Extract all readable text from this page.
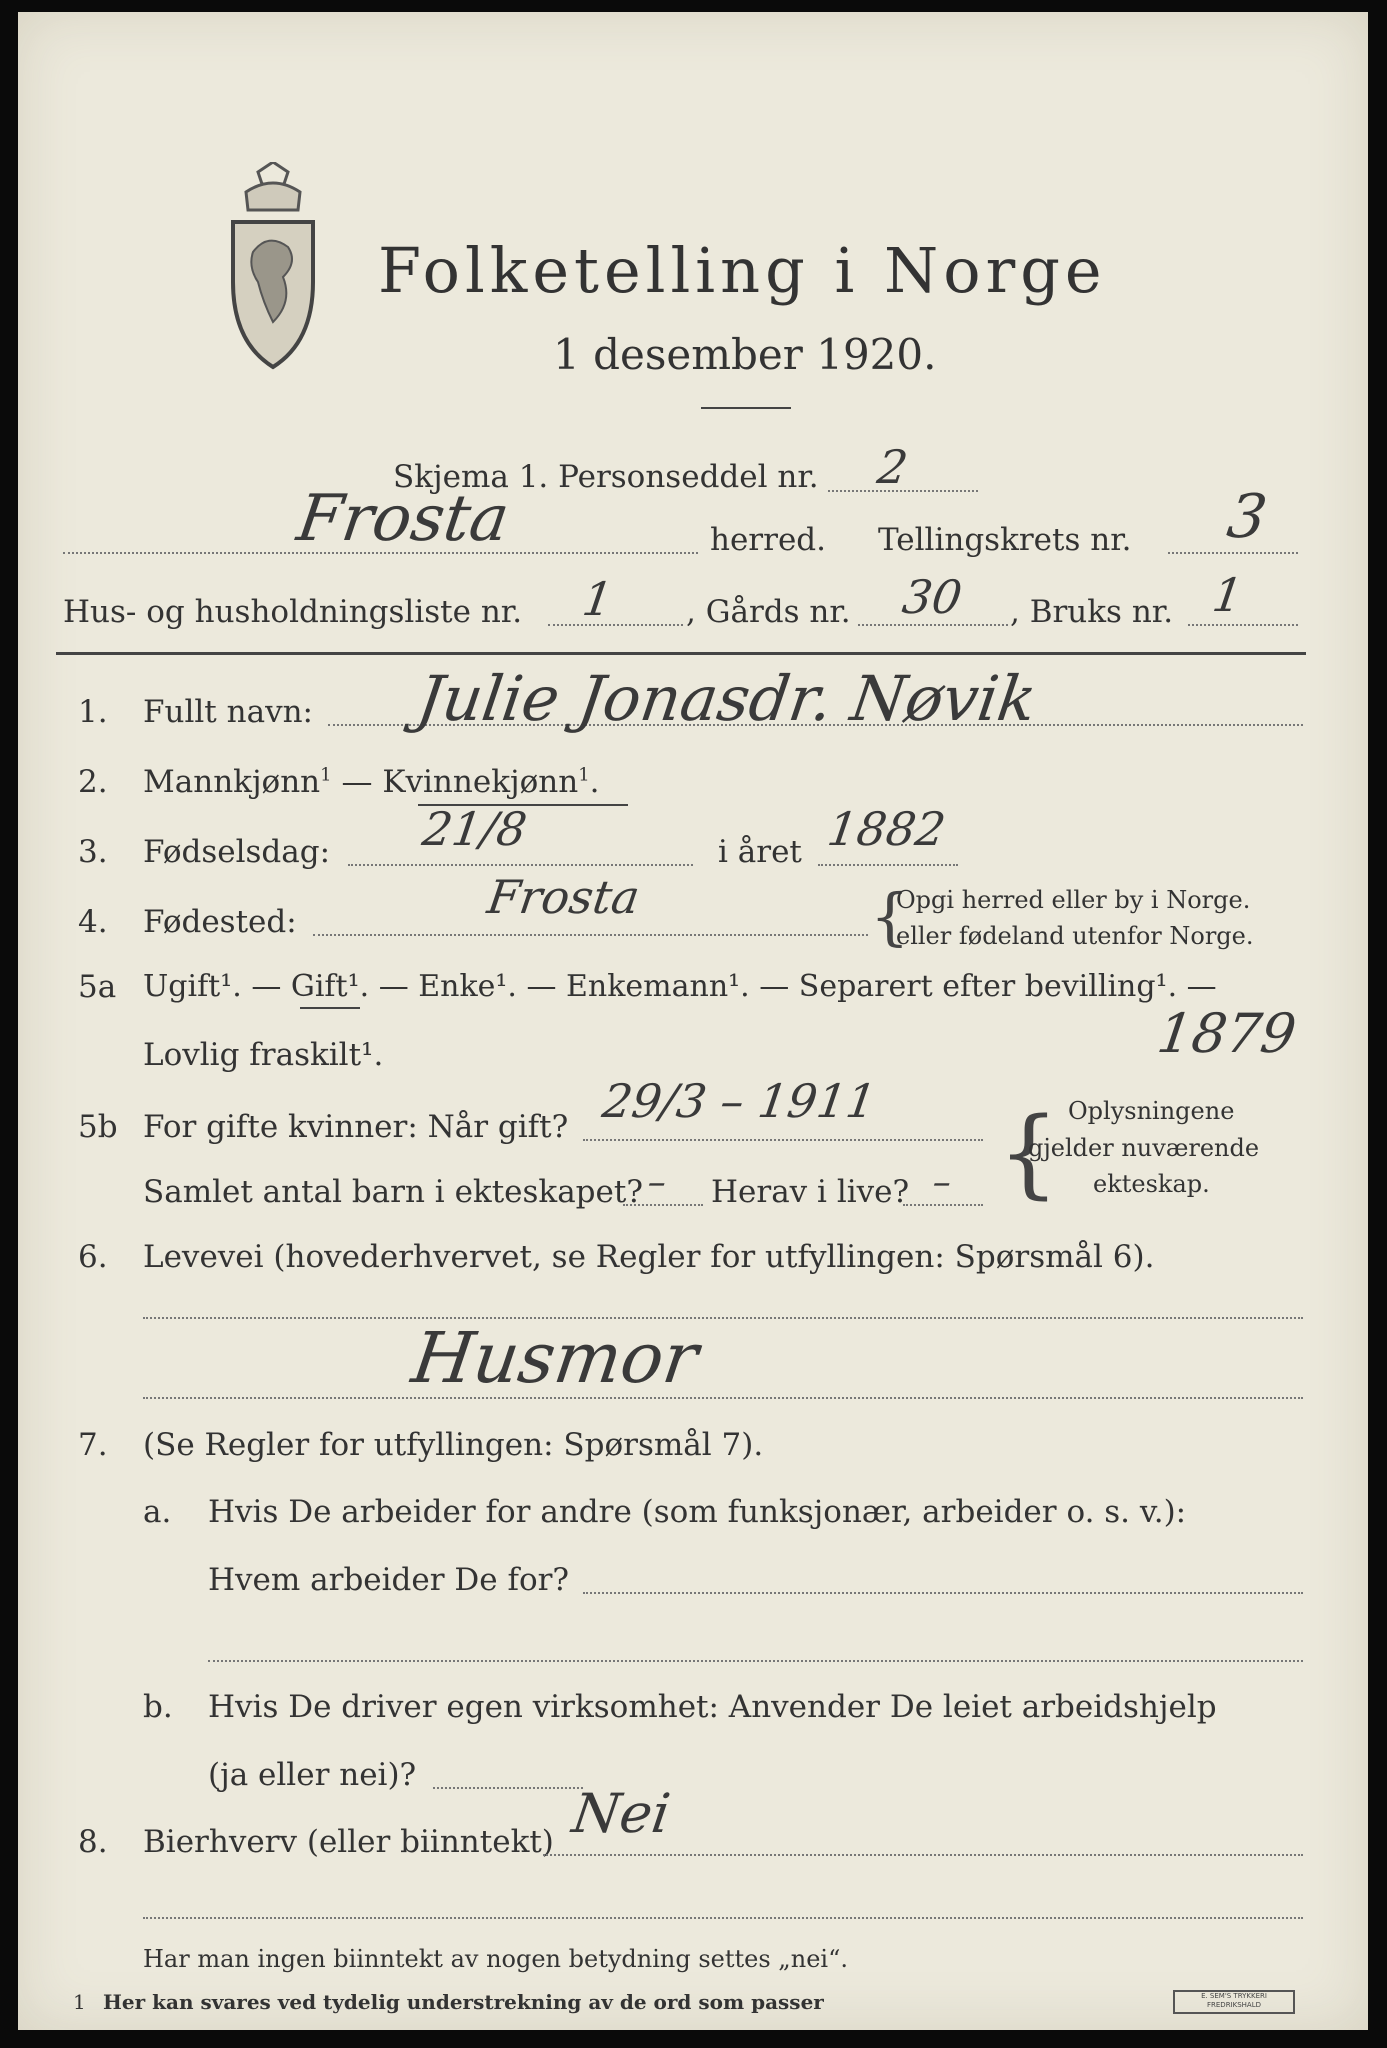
Folketelling i Norge
1 desember 1920.
Skjema 1. Personseddel nr. 2
Frosta	herred. Tellingskrets nr. 3
Hus- og husholdningsliste nr. 1 , Gårds nr. 30 , Bruks nr. 1
1. Fullt navn: Julie Jonasdr. Nøvik
2. Mannkjønn$^1$ — Kvinnekjønn$^1$.
3. Fødselsdag: 21/8	i året 1882
4. Fødested:	Frosta	{
Opgi herred eller by i Norge.
eller fødeland utenfor Norge.
5a Ugift¹. — Gift¹. — Enke¹. — Enkemann¹. — Separert efter bevilling¹. —
Lovlig fraskilt¹.	1879
5b For gifte kvinner: Når gift? 29/3 – 1911
Samlet antal barn i ekteskapet? – Herav i live? – { Oplysningene
gjelder nuværende
ekteskap.
6. Levevei (hovederhvervet, se Regler for utfyllingen: Spørsmål 6).
Husmor
7. (Se Regler for utfyllingen: Spørsmål 7).
a. Hvis De arbeider for andre (som funksjonær, arbeider o. s. v.):
Hvem arbeider De for?
b. Hvis De driver egen virksomhet: Anvender De leiet arbeidshjelp
(ja eller nei)?
8. Bierhverv (eller biinntekt) Nei
Har man ingen biinntekt av nogen betydning settes „nei“.
1 Her kan svares ved tydelig understrekning av de ord som passer	E. SEM'S TRYKKERI FREDRIKSHALD
